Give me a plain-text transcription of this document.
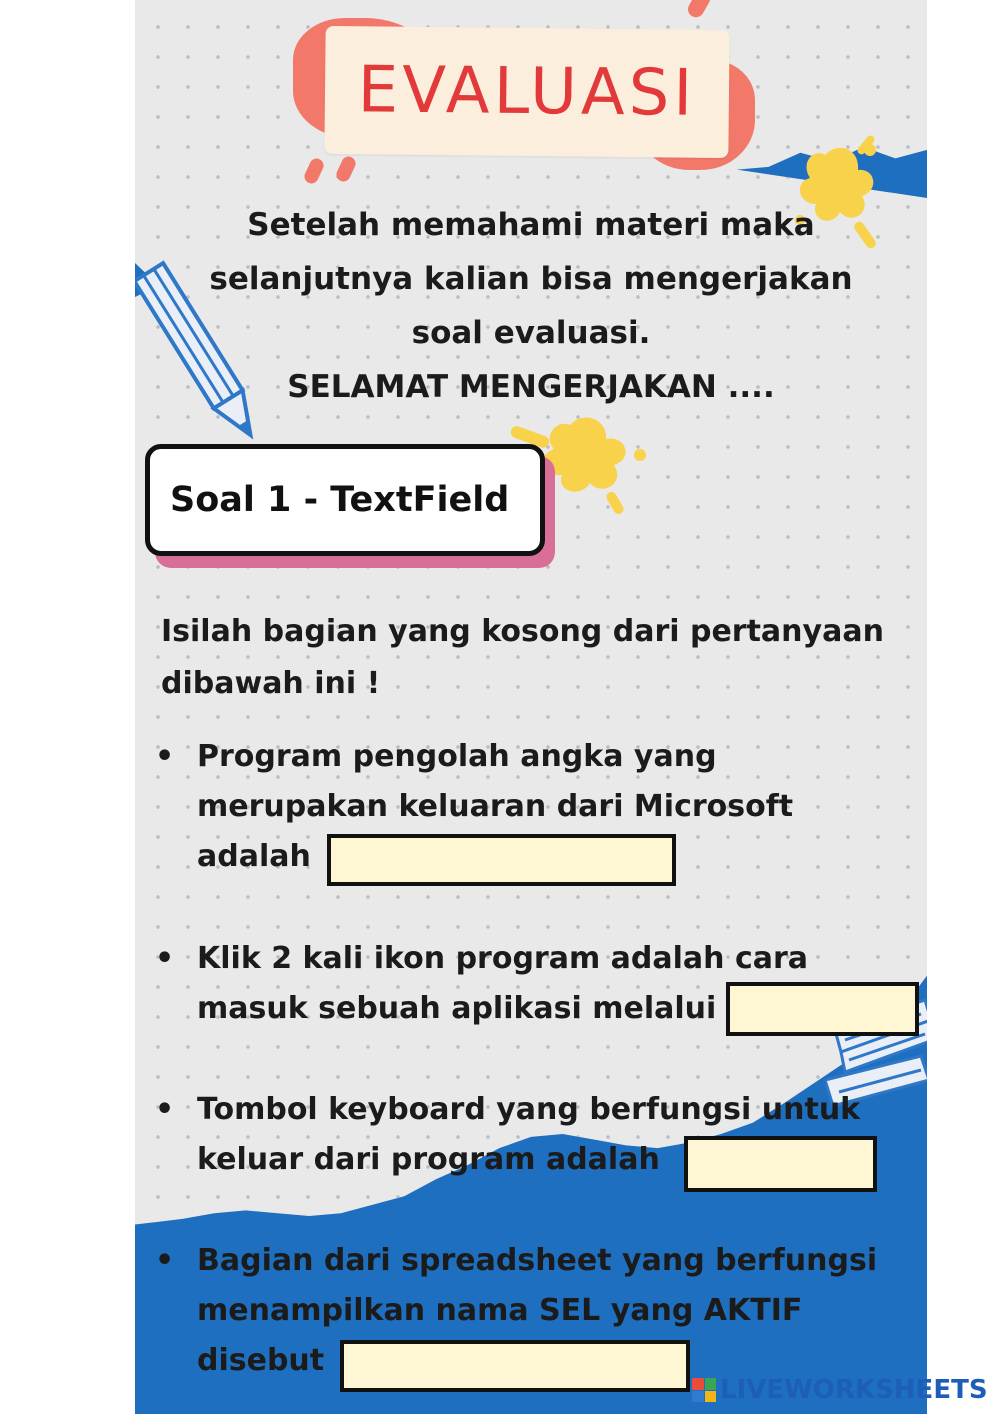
EVALUASI
Setelah memahami materi maka
selanjutnya kalian bisa mengerjakan
soal evaluasi.
SELAMAT MENGERJAKAN ....
Soal 1 - TextField
Isilah bagian yang kosong dari pertanyaan
dibawah ini !
• Program pengolah angka yang
merupakan keluaran dari Microsoft
adalah
• Klik 2 kali ikon program adalah cara
masuk sebuah aplikasi melalui
• Tombol keyboard yang berfungsi untuk
keluar dari program adalah
• Bagian dari spreadsheet yang berfungsi
menampilkan nama SEL yang AKTIF
disebut
LIVEWORKSHEETS
